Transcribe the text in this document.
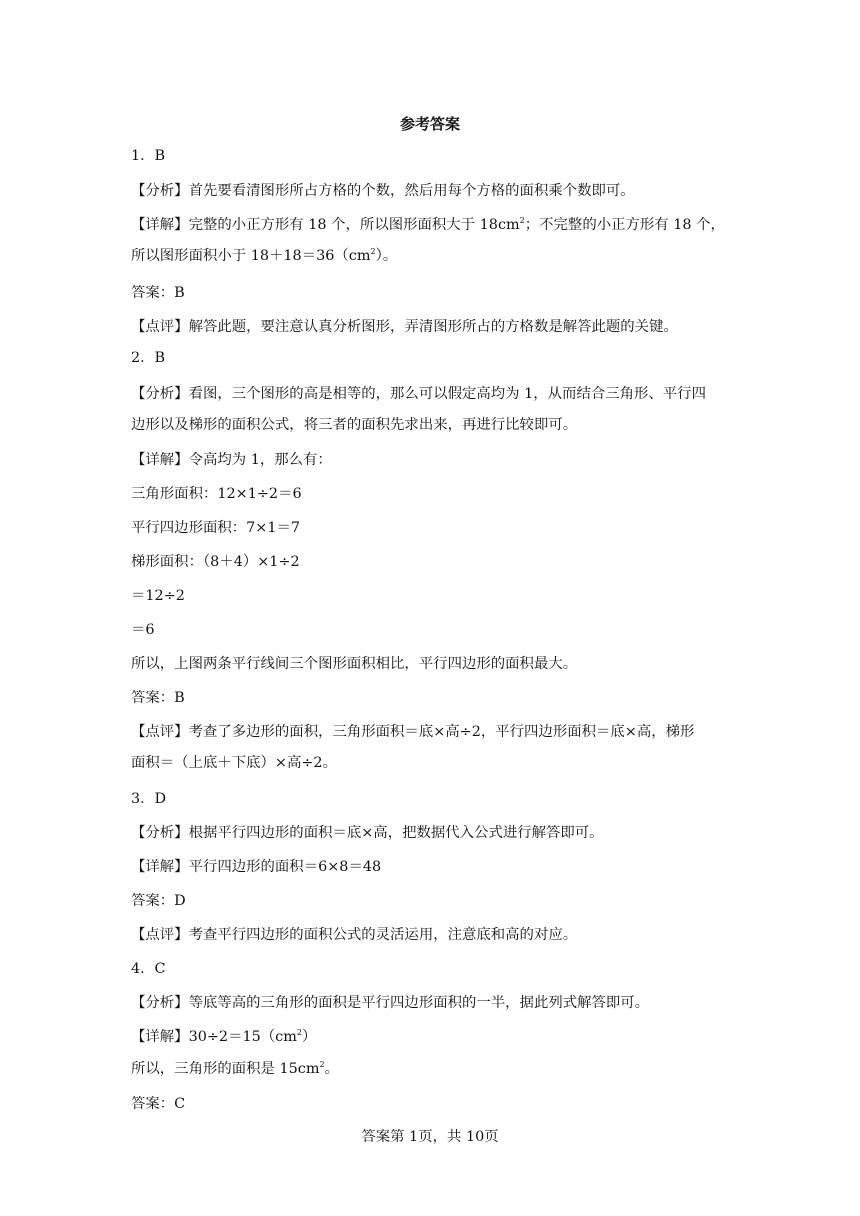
参考答案
1．B
【分析】首先要看清图形所占方格的个数，然后用每个方格的面积乘个数即可。
【详解】完整的小正方形有 18 个，所以图形面积大于 $18cm^2$；不完整的小正方形有 18 个，
所以图形面积小于 $18+18=36(cm^2)$。
答案：B
【点评】解答此题，要注意认真分析图形，弄清图形所占的方格数是解答此题的关键。
2．B
【分析】看图，三个图形的高是相等的，那么可以假定高均为 1，从而结合三角形、平行四
边形以及梯形的面积公式，将三者的面积先求出来，再进行比较即可。
【详解】令高均为 1，那么有：
三角形面积：12×1÷2＝6
平行四边形面积：7×1＝7
梯形面积：（8＋4）×1÷2
＝12÷2
＝6
所以，上图两条平行线间三个图形面积相比，平行四边形的面积最大。
答案：B
【点评】考查了多边形的面积，三角形面积＝底×高÷2，平行四边形面积＝底×高，梯形
面积＝（上底＋下底）×高÷2。
3．D
【分析】根据平行四边形的面积＝底×高，把数据代入公式进行解答即可。
【详解】平行四边形的面积＝6×8＝48
答案：D
【点评】考查平行四边形的面积公式的灵活运用，注意底和高的对应。
4．C
【分析】等底等高的三角形的面积是平行四边形面积的一半，据此列式解答即可。
【详解】$30\div 2=15(cm^2)$
所以，三角形的面积是 $15cm^2$。
答案：C
答案第 1页，共 10页
